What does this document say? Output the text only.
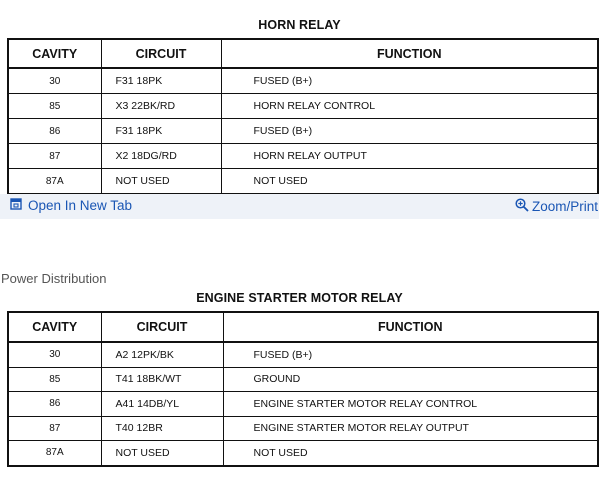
HORN RELAY
CAVITY	CIRCUIT	FUNCTION
30	F31 18PK	FUSED (B+)
85	X3 22BK/RD	HORN RELAY CONTROL
86	F31 18PK	FUSED (B+)
87	X2 18DG/RD	HORN RELAY OUTPUT
87A	NOT USED	NOT USED
Open In New Tab	Zoom/Print
Power Distribution
ENGINE STARTER MOTOR RELAY
CAVITY	CIRCUIT	FUNCTION
30	A2 12PK/BK	FUSED (B+)
85	T41 18BK/WT	GROUND
86	A41 14DB/YL	ENGINE STARTER MOTOR RELAY CONTROL
87	T40 12BR	ENGINE STARTER MOTOR RELAY OUTPUT
87A	NOT USED	NOT USED
